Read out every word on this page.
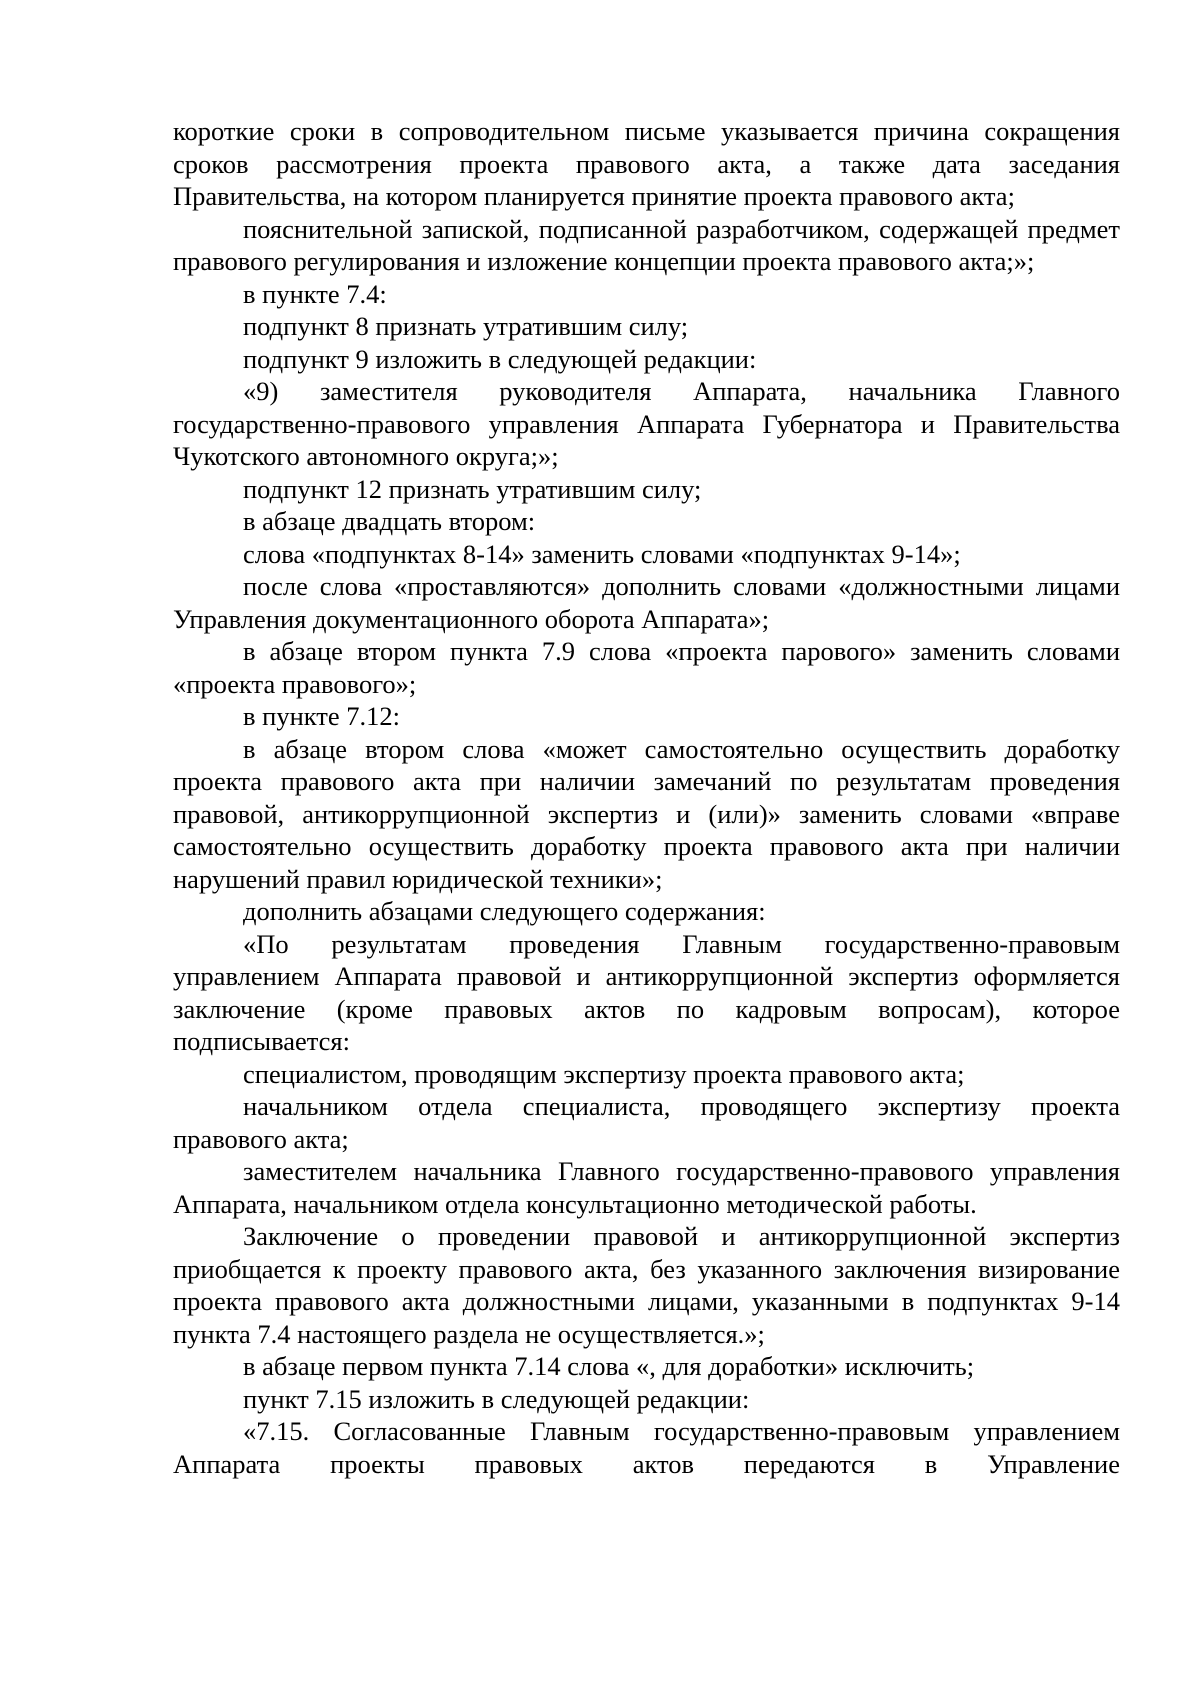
короткие сроки в сопроводительном письме указывается причина сокращения сроков рассмотрения проекта правового акта, а также дата заседания Правительства, на котором планируется принятие проекта правового акта;

пояснительной запиской, подписанной разработчиком, содержащей предмет правового регулирования и изложение концепции проекта правового акта;»;

в пункте 7.4:

подпункт 8 признать утратившим силу;

подпункт 9 изложить в следующей редакции:

«9) заместителя руководителя Аппарата, начальника Главного государственно-правового управления Аппарата Губернатора и Правительства Чукотского автономного округа;»;

подпункт 12 признать утратившим силу;

в абзаце двадцать втором:

слова «подпунктах 8-14» заменить словами «подпунктах 9-14»;

после слова «проставляются» дополнить словами «должностными лицами Управления документационного оборота Аппарата»;

в абзаце втором пункта 7.9 слова «проекта парового» заменить словами «проекта правового»;

в пункте 7.12:

в абзаце втором слова «может самостоятельно осуществить доработку проекта правового акта при наличии замечаний по результатам проведения правовой, антикоррупционной экспертиз и (или)» заменить словами «вправе самостоятельно осуществить доработку проекта правового акта при наличии нарушений правил юридической техники»;

дополнить абзацами следующего содержания:

«По результатам проведения Главным государственно-правовым управлением Аппарата правовой и антикоррупционной экспертиз оформляется заключение (кроме правовых актов по кадровым вопросам), которое подписывается:

специалистом, проводящим экспертизу проекта правового акта;

начальником отдела специалиста, проводящего экспертизу проекта правового акта;

заместителем начальника Главного государственно-правового управления Аппарата, начальником отдела консультационно методической работы.

Заключение о проведении правовой и антикоррупционной экспертиз приобщается к проекту правового акта, без указанного заключения визирование проекта правового акта должностными лицами, указанными в подпунктах 9-14 пункта 7.4 настоящего раздела не осуществляется.»;

в абзаце первом пункта 7.14 слова «, для доработки» исключить;

пункт 7.15 изложить в следующей редакции:

«7.15. Согласованные Главным государственно-правовым управлением Аппарата проекты правовых актов передаются в Управление
